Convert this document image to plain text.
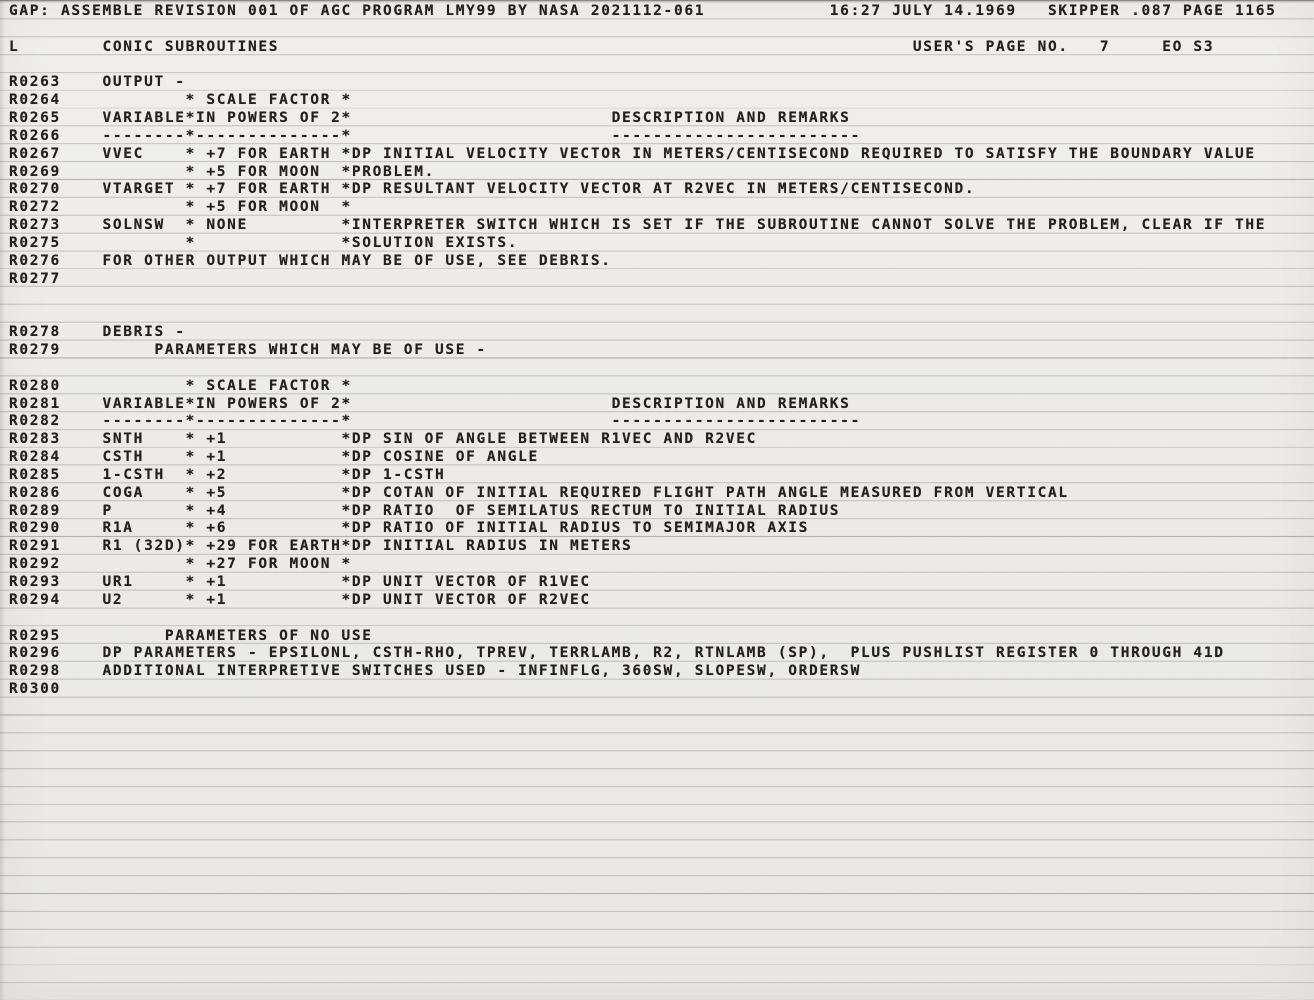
GAP: ASSEMBLE REVISION 001 OF AGC PROGRAM LMY99 BY NASA 2021112-061            16:27 JULY 14.1969   SKIPPER .087 PAGE 1165
L        CONIC SUBROUTINES                                                             USER'S PAGE NO.   7     EO S3
R0263    OUTPUT -
R0264            * SCALE FACTOR *
R0265    VARIABLE*IN POWERS OF 2*                         DESCRIPTION AND REMARKS
R0266    --------*--------------*                         ------------------------
R0267    VVEC    * +7 FOR EARTH *DP INITIAL VELOCITY VECTOR IN METERS/CENTISECOND REQUIRED TO SATISFY THE BOUNDARY VALUE
R0269            * +5 FOR MOON  *PROBLEM.
R0270    VTARGET * +7 FOR EARTH *DP RESULTANT VELOCITY VECTOR AT R2VEC IN METERS/CENTISECOND.
R0272            * +5 FOR MOON  *
R0273    SOLNSW  * NONE         *INTERPRETER SWITCH WHICH IS SET IF THE SUBROUTINE CANNOT SOLVE THE PROBLEM, CLEAR IF THE
R0275            *              *SOLUTION EXISTS.
R0276    FOR OTHER OUTPUT WHICH MAY BE OF USE, SEE DEBRIS.
R0277
R0278    DEBRIS -
R0279         PARAMETERS WHICH MAY BE OF USE -
R0280            * SCALE FACTOR *
R0281    VARIABLE*IN POWERS OF 2*                         DESCRIPTION AND REMARKS
R0282    --------*--------------*                         ------------------------
R0283    SNTH    * +1           *DP SIN OF ANGLE BETWEEN R1VEC AND R2VEC
R0284    CSTH    * +1           *DP COSINE OF ANGLE
R0285    1-CSTH  * +2           *DP 1-CSTH
R0286    COGA    * +5           *DP COTAN OF INITIAL REQUIRED FLIGHT PATH ANGLE MEASURED FROM VERTICAL
R0289    P       * +4           *DP RATIO  OF SEMILATUS RECTUM TO INITIAL RADIUS
R0290    R1A     * +6           *DP RATIO OF INITIAL RADIUS TO SEMIMAJOR AXIS
R0291    R1 (32D)* +29 FOR EARTH*DP INITIAL RADIUS IN METERS
R0292            * +27 FOR MOON *
R0293    UR1     * +1           *DP UNIT VECTOR OF R1VEC
R0294    U2      * +1           *DP UNIT VECTOR OF R2VEC
R0295          PARAMETERS OF NO USE
R0296    DP PARAMETERS - EPSILONL, CSTH-RHO, TPREV, TERRLAMB, R2, RTNLAMB (SP),  PLUS PUSHLIST REGISTER 0 THROUGH 41D
R0298    ADDITIONAL INTERPRETIVE SWITCHES USED - INFINFLG, 360SW, SLOPESW, ORDERSW
R0300
